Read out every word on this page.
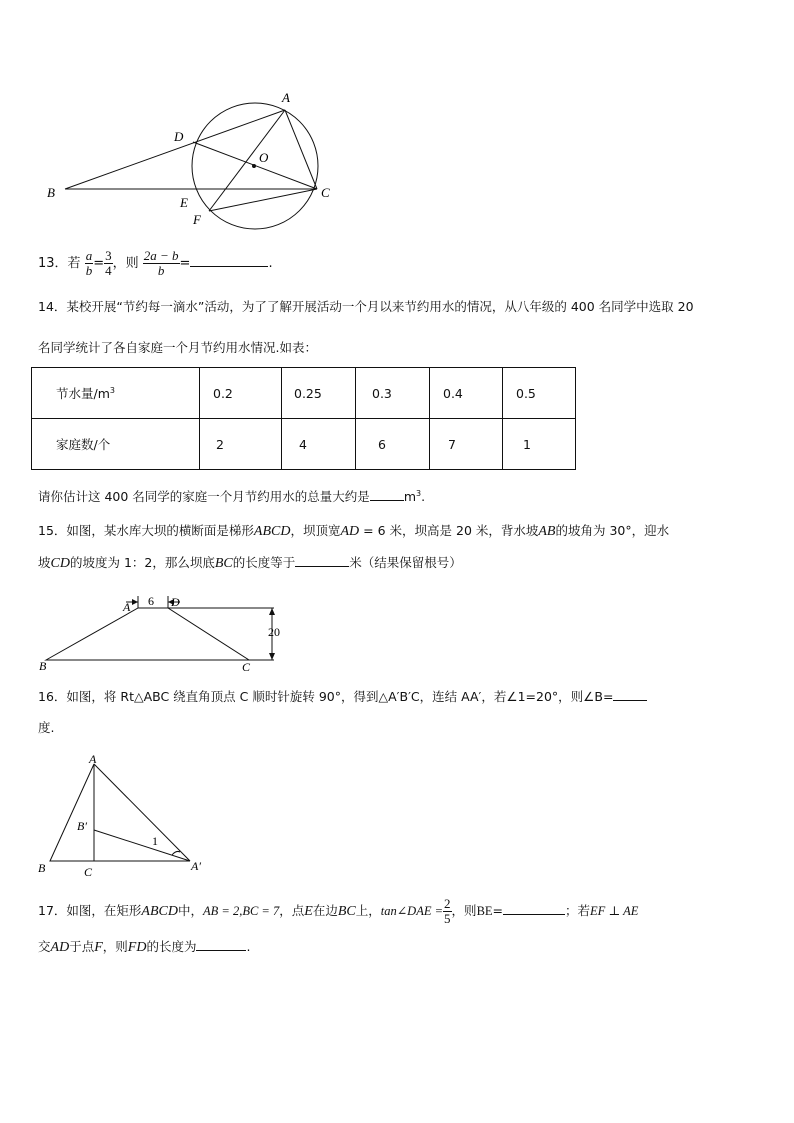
A
D
O
B
E
F
C
13．若 $\frac{a}{b} = \frac{3}{4}$ ，则 $\frac{2a - b}{b}$ =	.
14．某校开展“节约每一滴水”活动，为了了解开展活动一个月以来节约用水的情况，从八年级的 400 名同学中选取 20
名同学统计了各自家庭一个月节约用水情况.如表：
节水量$/m^3$	0.2	0.25	0.3	0.4	0.5
家庭数/个	2	4	6	7	1
请你估计这 400 名同学的家庭一个月节约用水的总量大约是	$m^3$.
15．如图，某水库大坝的横断面是梯形ABCD，坝顶宽AD = 6 米，坝高是 20 米，背水坡AB的坡角为 30°，迎水
坡CD的坡度为 1：2，那么坝底BC的长度等于	米（结果保留根号）
6
20
A	D
B	C
16．如图，将 Rt△ABC 绕直角顶点 C 顺时针旋转 90°，得到△A′B′C，连结 AA′，若∠1=20°，则∠B=
度.
A
B′
1
B	C	A′
17．如图，在矩形ABCD中，AB = 2,BC = 7，点E在边BC上，tan∠DAE = $\frac{2}{5}$ ，则BE=	；若EF ⊥ AE
交AD于点F，则FD的长度为	.
